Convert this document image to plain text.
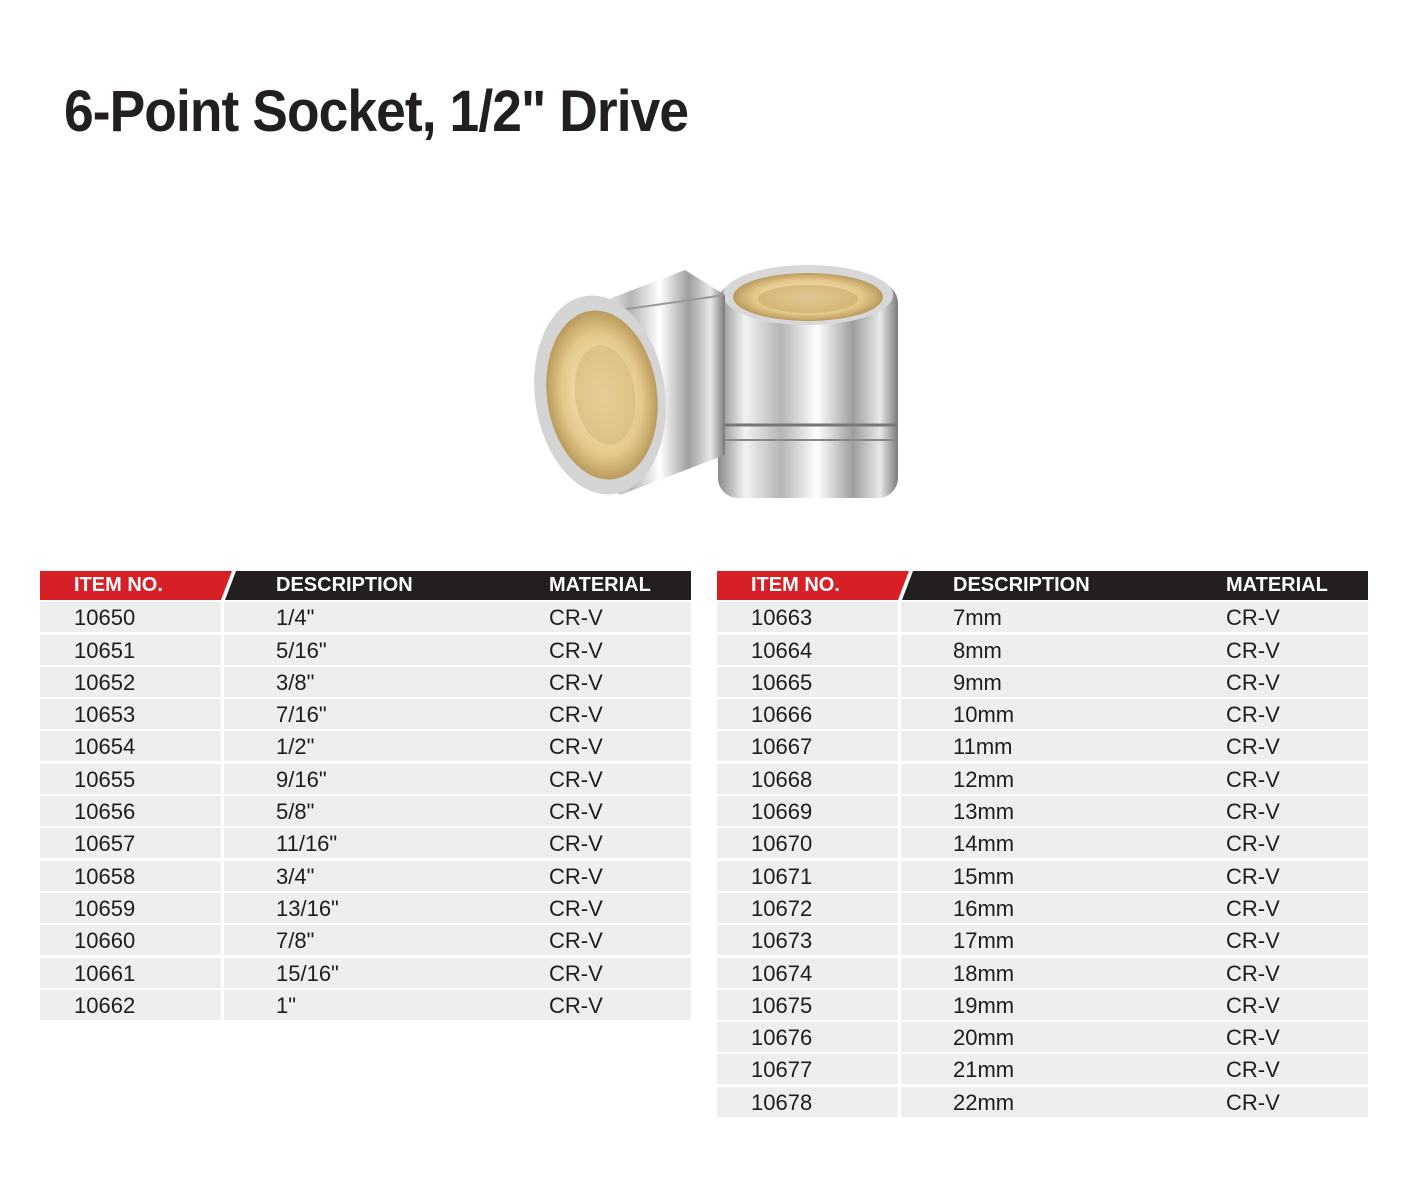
6-Point Socket, 1/2" Drive
ITEM NO.	DESCRIPTION	MATERIAL
10650	1/4"	CR-V
10651	5/16"	CR-V
10652	3/8"	CR-V
10653	7/16"	CR-V
10654	1/2"	CR-V
10655	9/16"	CR-V
10656	5/8"	CR-V
10657	11/16"	CR-V
10658	3/4"	CR-V
10659	13/16"	CR-V
10660	7/8"	CR-V
10661	15/16"	CR-V
10662	1"	CR-V
ITEM NO.	DESCRIPTION	MATERIAL
10663	7mm	CR-V
10664	8mm	CR-V
10665	9mm	CR-V
10666	10mm	CR-V
10667	11mm	CR-V
10668	12mm	CR-V
10669	13mm	CR-V
10670	14mm	CR-V
10671	15mm	CR-V
10672	16mm	CR-V
10673	17mm	CR-V
10674	18mm	CR-V
10675	19mm	CR-V
10676	20mm	CR-V
10677	21mm	CR-V
10678	22mm	CR-V
